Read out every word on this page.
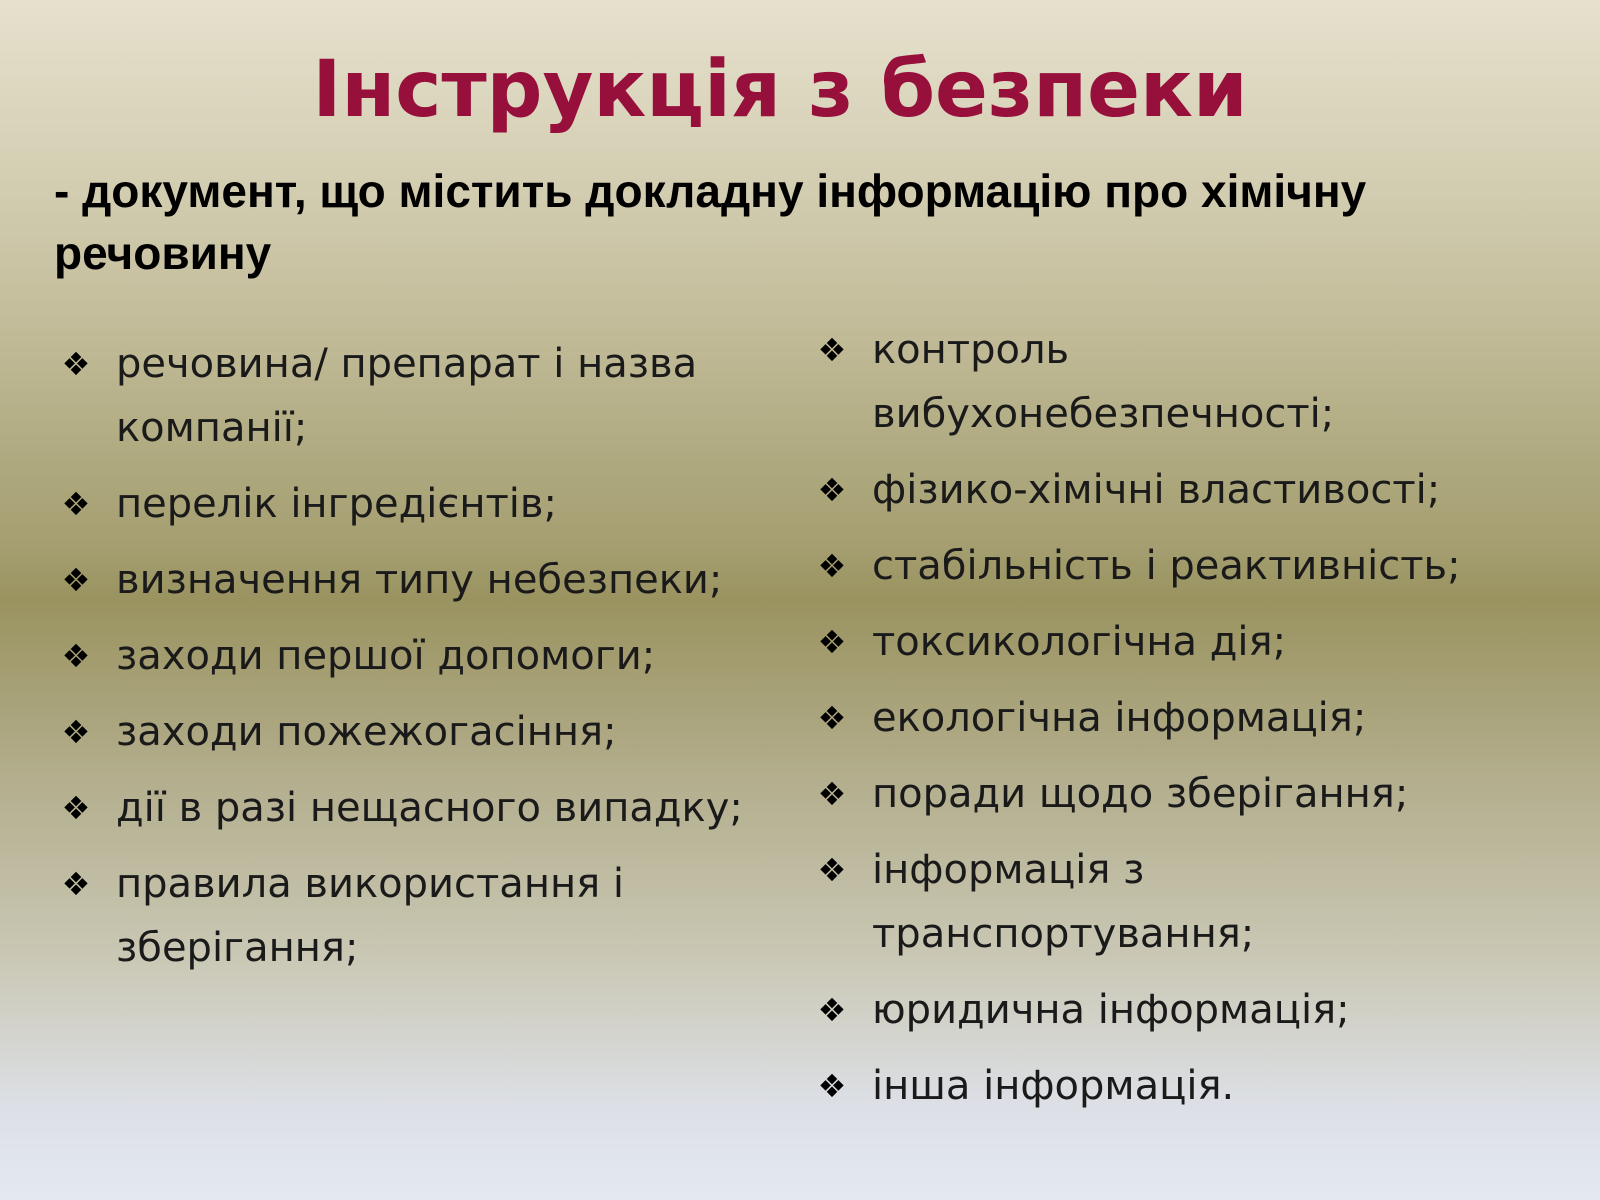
Інструкція з безпеки

- документ, що містить докладну інформацію про хімічну речовину

❖ речовина/ препарат і назва компанії;
❖ перелік інгредієнтів;
❖ визначення типу небезпеки;
❖ заходи першої допомоги;
❖ заходи пожежогасіння;
❖ дії в разі нещасного випадку;
❖ правила використання і зберігання;
❖ контроль вибухонебезпечності;
❖ фізико-хімічні властивості;
❖ стабільність і реактивність;
❖ токсикологічна дія;
❖ екологічна інформація;
❖ поради щодо зберігання;
❖ інформація з транспортування;
❖ юридична інформація;
❖ інша інформація.
